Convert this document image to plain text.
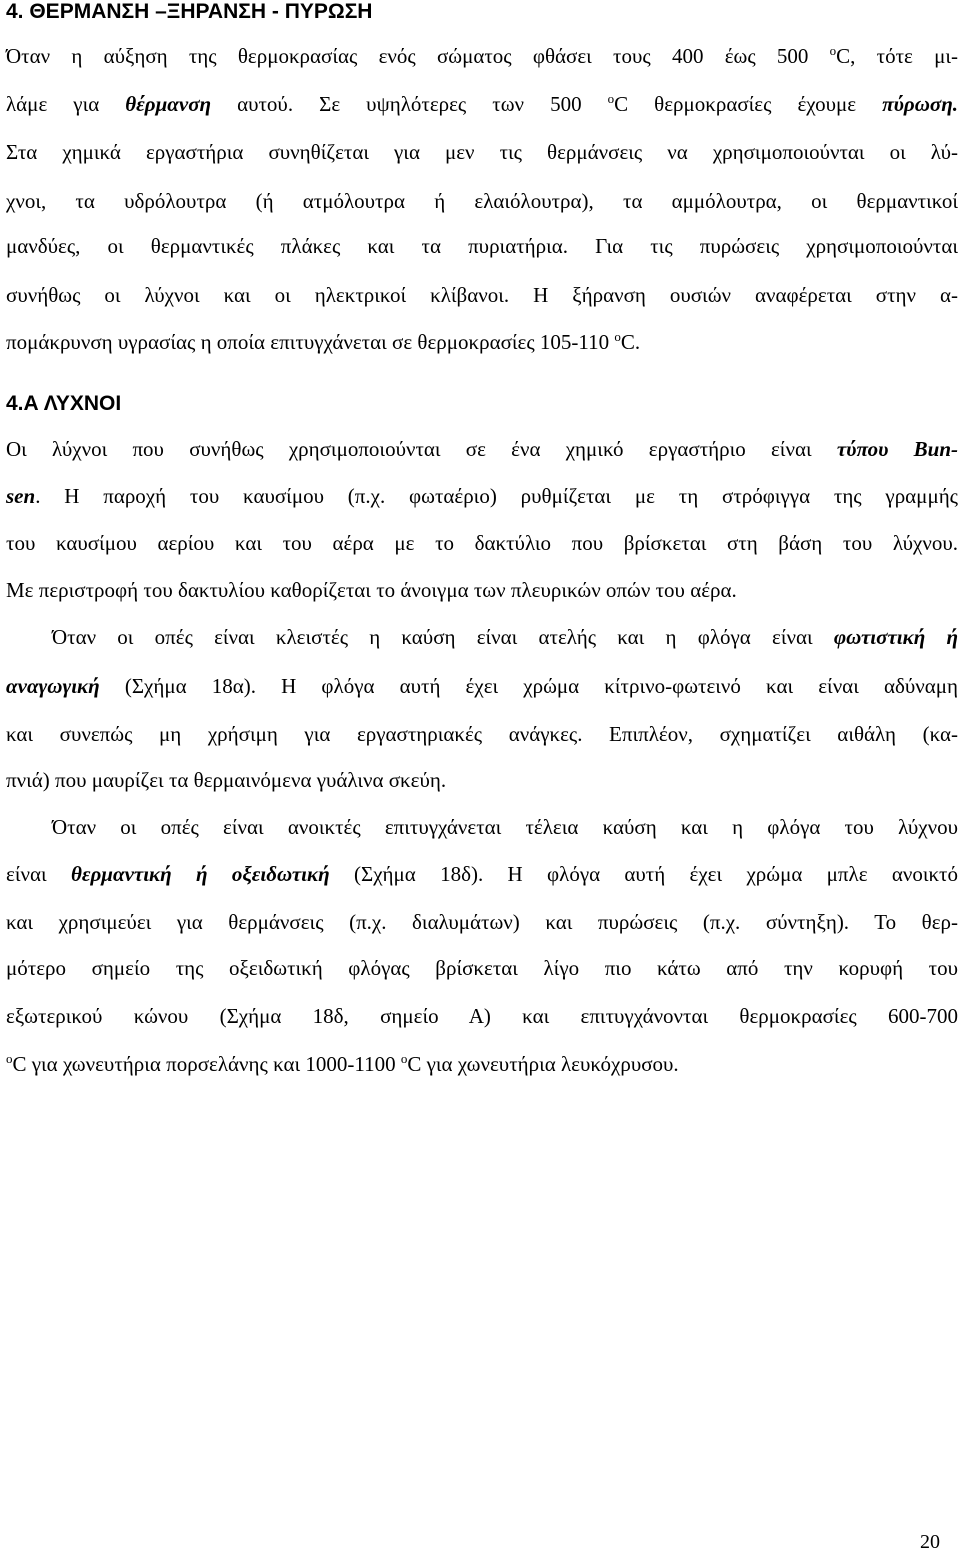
4. ΘΕΡΜΑΝΣΗ –ΞΗΡΑΝΣΗ - ΠΥΡΩΣΗ
Όταν η αύξηση της θερμοκρασίας ενός σώματος φθάσει τους 400 έως 500 $^o$C, τότε μι-
λάμε για θέρμανση αυτού. Σε υψηλότερες των 500 $^o$C θερμοκρασίες έχουμε πύρωση.
Στα χημικά εργαστήρια συνηθίζεται για μεν τις θερμάνσεις να χρησιμοποιούνται οι λύ-
χνοι, τα υδρόλουτρα (ή ατμόλουτρα ή ελαιόλουτρα), τα αμμόλουτρα, οι θερμαντικοί
μανδύες, οι θερμαντικές πλάκες και τα πυριατήρια. Για τις πυρώσεις χρησιμοποιούνται
συνήθως οι λύχνοι και οι ηλεκτρικοί κλίβανοι. Η ξήρανση ουσιών αναφέρεται στην α-
πομάκρυνση υγρασίας η οποία επιτυγχάνεται σε θερμοκρασίες 105-110 $^o$C.
4.Α ΛΥΧΝΟΙ
Οι λύχνοι που συνήθως χρησιμοποιούνται σε ένα χημικό εργαστήριο είναι τύπου Bun-
sen. Η παροχή του καυσίμου (π.χ. φωταέριο) ρυθμίζεται με τη στρόφιγγα της γραμμής
του καυσίμου αερίου και του αέρα με το δακτύλιο που βρίσκεται στη βάση του λύχνου.
Με περιστροφή του δακτυλίου καθορίζεται το άνοιγμα των πλευρικών οπών του αέρα.
Όταν οι οπές είναι κλειστές η καύση είναι ατελής και η φλόγα είναι φωτιστική ή
αναγωγική (Σχήμα 18α). Η φλόγα αυτή έχει χρώμα κίτρινο-φωτεινό και είναι αδύναμη
και συνεπώς μη χρήσιμη για εργαστηριακές ανάγκες. Επιπλέον, σχηματίζει αιθάλη (κα-
πνιά) που μαυρίζει τα θερμαινόμενα γυάλινα σκεύη.
Όταν οι οπές είναι ανοικτές επιτυγχάνεται τέλεια καύση και η φλόγα του λύχνου
είναι θερμαντική ή οξειδωτική (Σχήμα 18δ). Η φλόγα αυτή έχει χρώμα μπλε ανοικτό
και χρησιμεύει για θερμάνσεις (π.χ. διαλυμάτων) και πυρώσεις (π.χ. σύντηξη). Το θερ-
μότερο σημείο της οξειδωτική φλόγας βρίσκεται λίγο πιο κάτω από την κορυφή του
εξωτερικού κώνου (Σχήμα 18δ, σημείο Α) και επιτυγχάνονται θερμοκρασίες 600-700
$^o$C για χωνευτήρια πορσελάνης και 1000-1100 $^o$C για χωνευτήρια λευκόχρυσου.
20
